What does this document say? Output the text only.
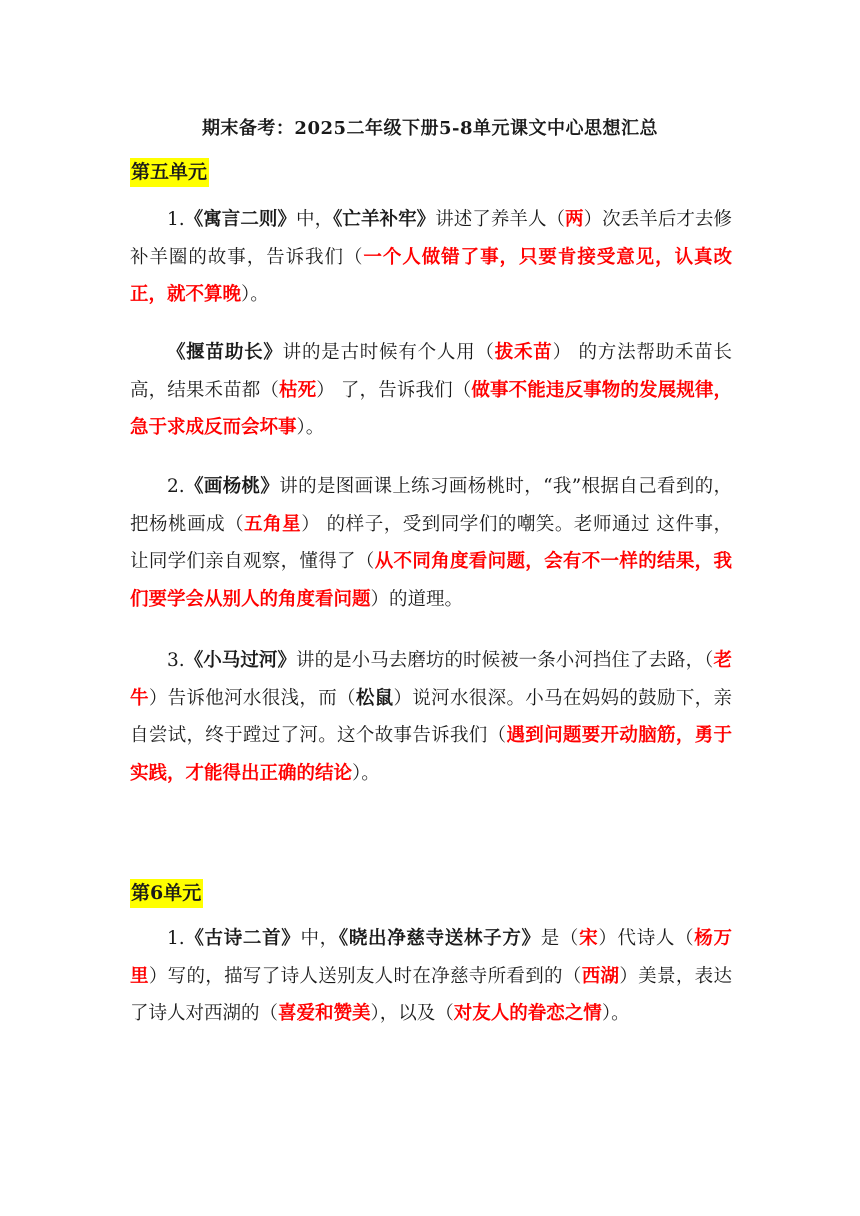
期末备考：2025二年级下册5-8单元课文中心思想汇总
第五单元

1.《寓言二则》中，《亡羊补牢》讲述了养羊人（两）次丢羊后才去修补羊圈的故事，告诉我们（一个人做错了事，只要肯接受意见，认真改正，就不算晚）。

《揠苗助长》讲的是古时候有个人用（拔禾苗） 的方法帮助禾苗长高，结果禾苗都（枯死） 了，告诉我们（做事不能违反事物的发展规律，急于求成反而会坏事）。

2.《画杨桃》讲的是图画课上练习画杨桃时，“我”根据自己看到的，把杨桃画成（五角星） 的样子，受到同学们的嘲笑。老师通过 这件事，让同学们亲自观察，懂得了（从不同角度看问题，会有不一样的结果，我们要学会从别人的角度看问题）的道理。

3.《小马过河》讲的是小马去磨坊的时候被一条小河挡住了去路，（老牛）告诉他河水很浅，而（松鼠）说河水很深。小马在妈妈的鼓励下，亲自尝试，终于蹚过了河。这个故事告诉我们（遇到问题要开动脑筋，勇于实践，才能得出正确的结论）。

第6单元

1.《古诗二首》中，《晓出净慈寺送林子方》是（宋）代诗人（杨万里）写的，描写了诗人送别友人时在净慈寺所看到的（西湖）美景，表达了诗人对西湖的（喜爱和赞美），以及（对友人的眷恋之情）。
